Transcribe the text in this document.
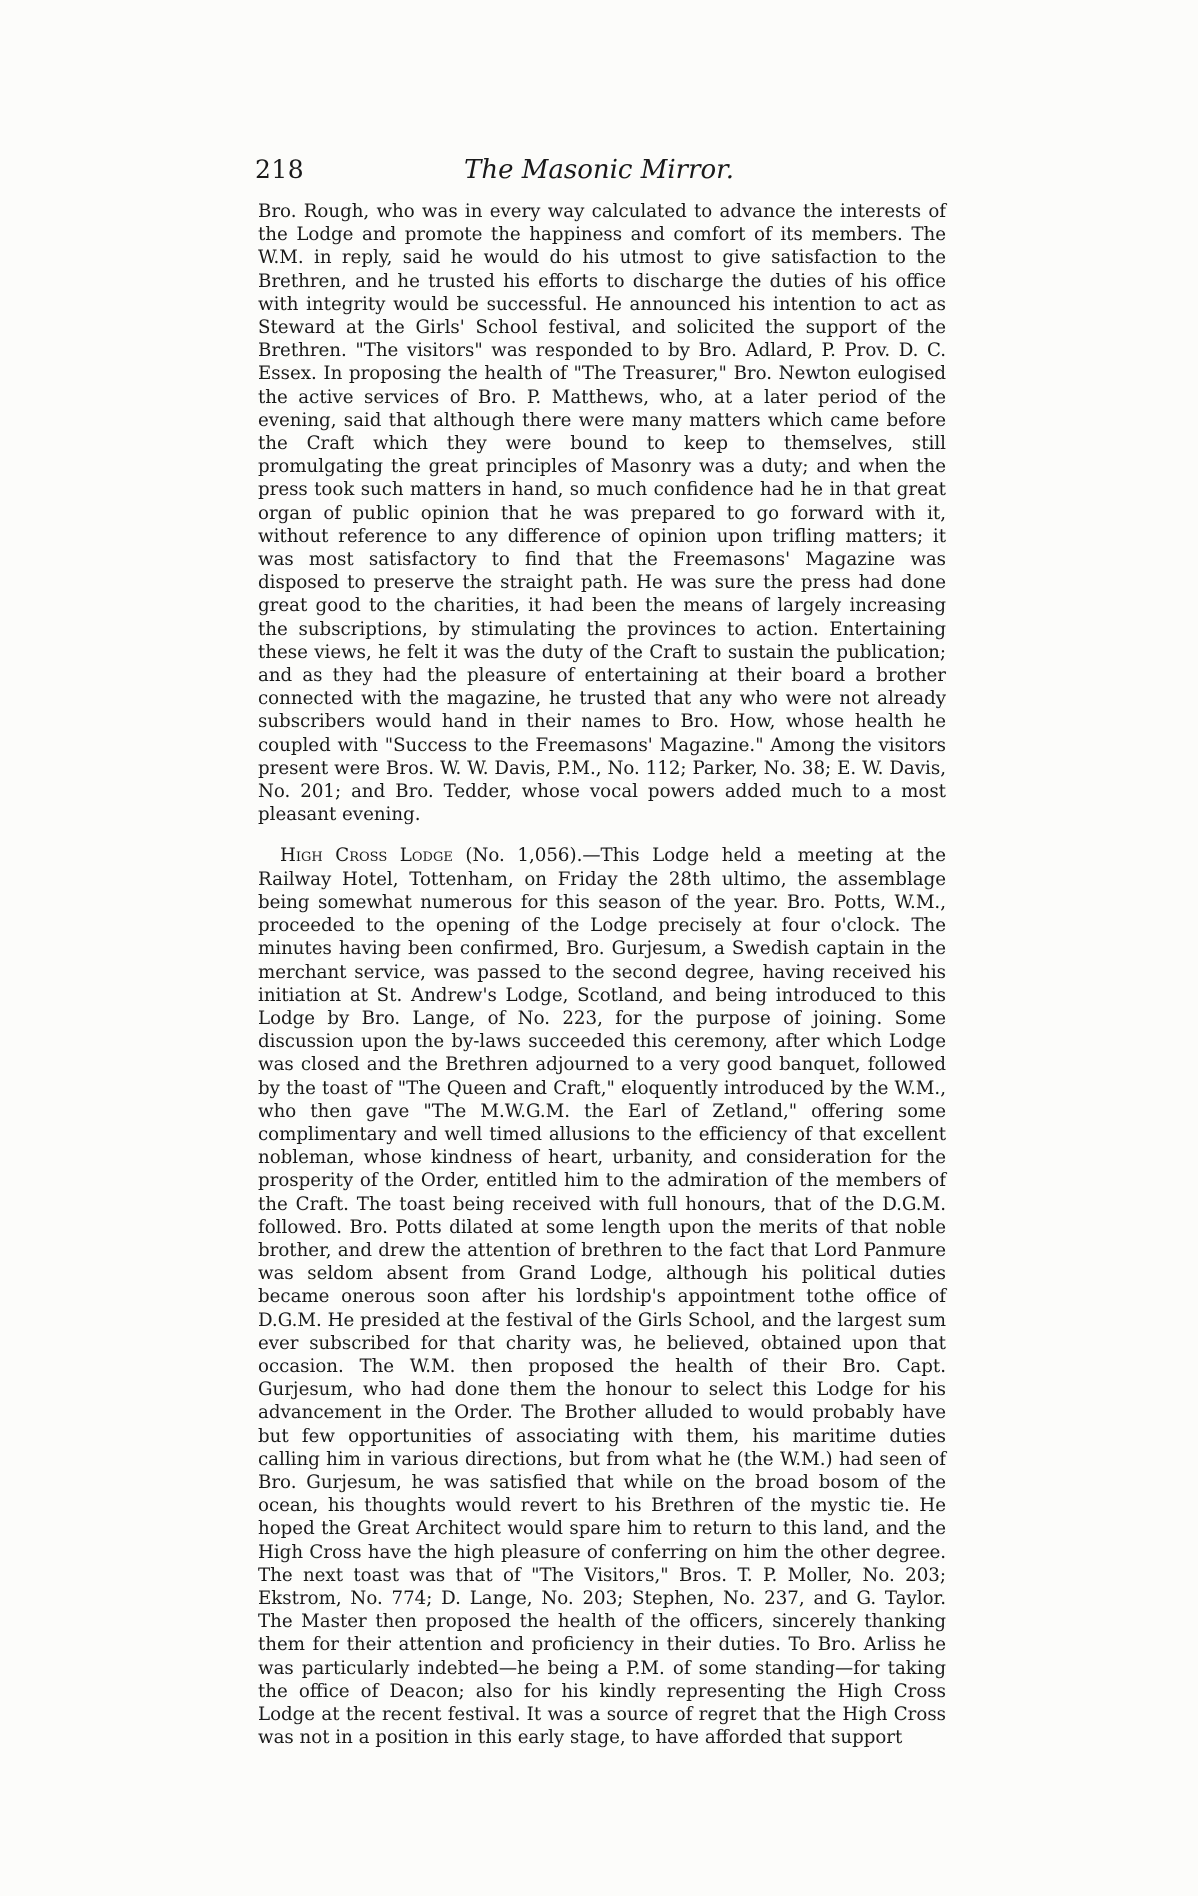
218	The Masonic Mirror.

Bro. Rough, who was in every way calculated to advance the interests of the Lodge and promote the happiness and comfort of its members. The W.M. in reply, said he would do his utmost to give satisfaction to the Brethren, and he trusted his efforts to discharge the duties of his office with integrity would be successful. He announced his intention to act as Steward at the Girls' School festival, and solicited the support of the Brethren. "The visitors" was responded to by Bro. Adlard, P. Prov. D. C. Essex. In proposing the health of "The Treasurer," Bro. Newton eulogised the active services of Bro. P. Matthews, who, at a later period of the evening, said that although there were many matters which came before the Craft which they were bound to keep to themselves, still promulgating the great principles of Masonry was a duty; and when the press took such matters in hand, so much confidence had he in that great organ of public opinion that he was prepared to go forward with it, without reference to any difference of opinion upon trifling matters; it was most satisfactory to find that the Freemasons' Magazine was disposed to preserve the straight path. He was sure the press had done great good to the charities, it had been the means of largely increasing the subscriptions, by stimulating the provinces to action. Entertaining these views, he felt it was the duty of the Craft to sustain the publication; and as they had the pleasure of entertaining at their board a brother connected with the magazine, he trusted that any who were not already subscribers would hand in their names to Bro. How, whose health he coupled with "Success to the Freemasons' Magazine." Among the visitors present were Bros. W. W. Davis, P.M., No. 112; Parker, No. 38; E. W. Davis, No. 201; and Bro. Tedder, whose vocal powers added much to a most pleasant evening.

High Cross Lodge (No. 1,056).—This Lodge held a meeting at the Railway Hotel, Tottenham, on Friday the 28th ultimo, the assemblage being somewhat numerous for this season of the year. Bro. Potts, W.M., proceeded to the opening of the Lodge precisely at four o'clock. The minutes having been confirmed, Bro. Gurjesum, a Swedish captain in the merchant service, was passed to the second degree, having received his initiation at St. Andrew's Lodge, Scotland, and being introduced to this Lodge by Bro. Lange, of No. 223, for the purpose of joining. Some discussion upon the by-laws succeeded this ceremony, after which Lodge was closed and the Brethren adjourned to a very good banquet, followed by the toast of "The Queen and Craft," eloquently introduced by the W.M., who then gave "The M.W.G.M. the Earl of Zetland," offering some complimentary and well timed allusions to the efficiency of that excellent nobleman, whose kindness of heart, urbanity, and consideration for the prosperity of the Order, entitled him to the admiration of the members of the Craft. The toast being received with full honours, that of the D.G.M. followed. Bro. Potts dilated at some length upon the merits of that noble brother, and drew the attention of brethren to the fact that Lord Panmure was seldom absent from Grand Lodge, although his political duties became onerous soon after his lordship's appointment tothe office of D.G.M. He presided at the festival of the Girls School, and the largest sum ever subscribed for that charity was, he believed, obtained upon that occasion. The W.M. then proposed the health of their Bro. Capt. Gurjesum, who had done them the honour to select this Lodge for his advancement in the Order. The Brother alluded to would probably have but few opportunities of associating with them, his maritime duties calling him in various directions, but from what he (the W.M.) had seen of Bro. Gurjesum, he was satisfied that while on the broad bosom of the ocean, his thoughts would revert to his Brethren of the mystic tie. He hoped the Great Architect would spare him to return to this land, and the High Cross have the high pleasure of conferring on him the other degree. The next toast was that of "The Visitors," Bros. T. P. Moller, No. 203; Ekstrom, No. 774; D. Lange, No. 203; Stephen, No. 237, and G. Taylor. The Master then proposed the health of the officers, sincerely thanking them for their attention and proficiency in their duties. To Bro. Arliss he was particularly indebted—he being a P.M. of some standing—for taking the office of Deacon; also for his kindly representing the High Cross Lodge at the recent festival. It was a source of regret that the High Cross was not in a position in this early stage, to have afforded that support
